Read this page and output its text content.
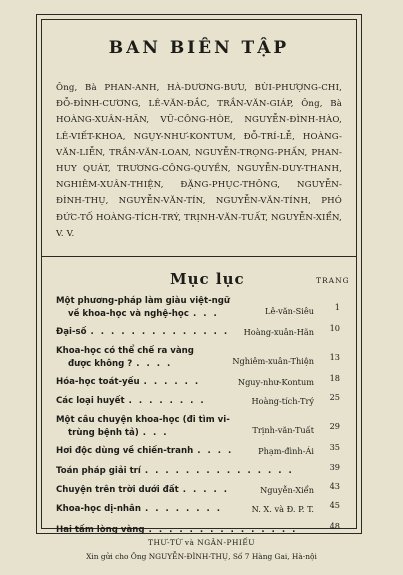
BAN BIÊN TẬP
Ông, Bà PHAN-ANH, HÀ-DƯƠNG-BƯU, BÙI-PHƯỢNG-CHI, ĐỖ-ĐÌNH-CƯƠNG, LÊ-VĂN-ĐẮC, TRẦN-VĂN-GIÁP, Ông, Bà HOÀNG-XUÂN-HÃN, VŨ-CÔNG-HÒE, NGUYỄN-ĐÌNH-HÀO, LÊ-VIẾT-KHOA, NGỤY-NHƯ-KONTUM, ĐỖ-TRÍ-LỄ, HOÀNG-VĂN-LIỄN, TRẦN-VĂN-LOAN, NGUYỄN-TRỌNG-PHẤN, PHAN-HUY QUÁT, TRƯƠNG-CÔNG-QUYỀN, NGUYỄN-DUY-THANH, NGHIÊM-XUÂN-THIỆN, ĐẶNG-PHỤC-THÔNG, NGUYỄN-ĐÌNH-THỤ, NGUYỄN-VĂN-TÍN, NGUYỄN-VĂN-TÍNH, PHÓ ĐỨC-TỐ HOÀNG-TÍCH-TRÝ, TRỊNH-VĂN-TUẤT, NGUYỄN-XIỂN, V. V.
Mục lục	TRANG
Một phương-pháp làm giàu việt-ngữ
về khoa-học và nghệ-học . . .	Lê-văn-Siêu	1
Đại-số . . . . . . . . . . . . . .	Hoàng-xuân-Hãn 10
Khoa-học có thể chế ra vàng
được không ? . . . .	Nghiêm-xuân-Thiện 13
Hóa-học toát-yếu . . . . . .	Nguy-như-Kontum 18
Các loại huyết . . . . . . . .	Hoàng-tích-Trý 25
Một câu chuyện khoa-học (đi tìm vi-
trùng bệnh tả) . . .	Trịnh-văn-Tuất 29
Hơi độc dùng về chiến-tranh . . . .	Phạm-đình-Ái 35
Toán pháp giải trí . . . . . . . . . . . . . . .	39
Chuyện trên trời dưới đất . . . . .	Nguyễn-Xiển 43
Khoa-học dị-nhân . . . . . . . .	N. X. và Đ. P. T. 45
Hai tấm lòng vàng . . . . . . . . . . . . . . .	48
THƯ-TỪ và NGÂN-PHIẾU
Xin gửi cho Ông NGUYỄN-ĐÌNH-THỤ, Số 7 Hàng Gai, Hà-nội
